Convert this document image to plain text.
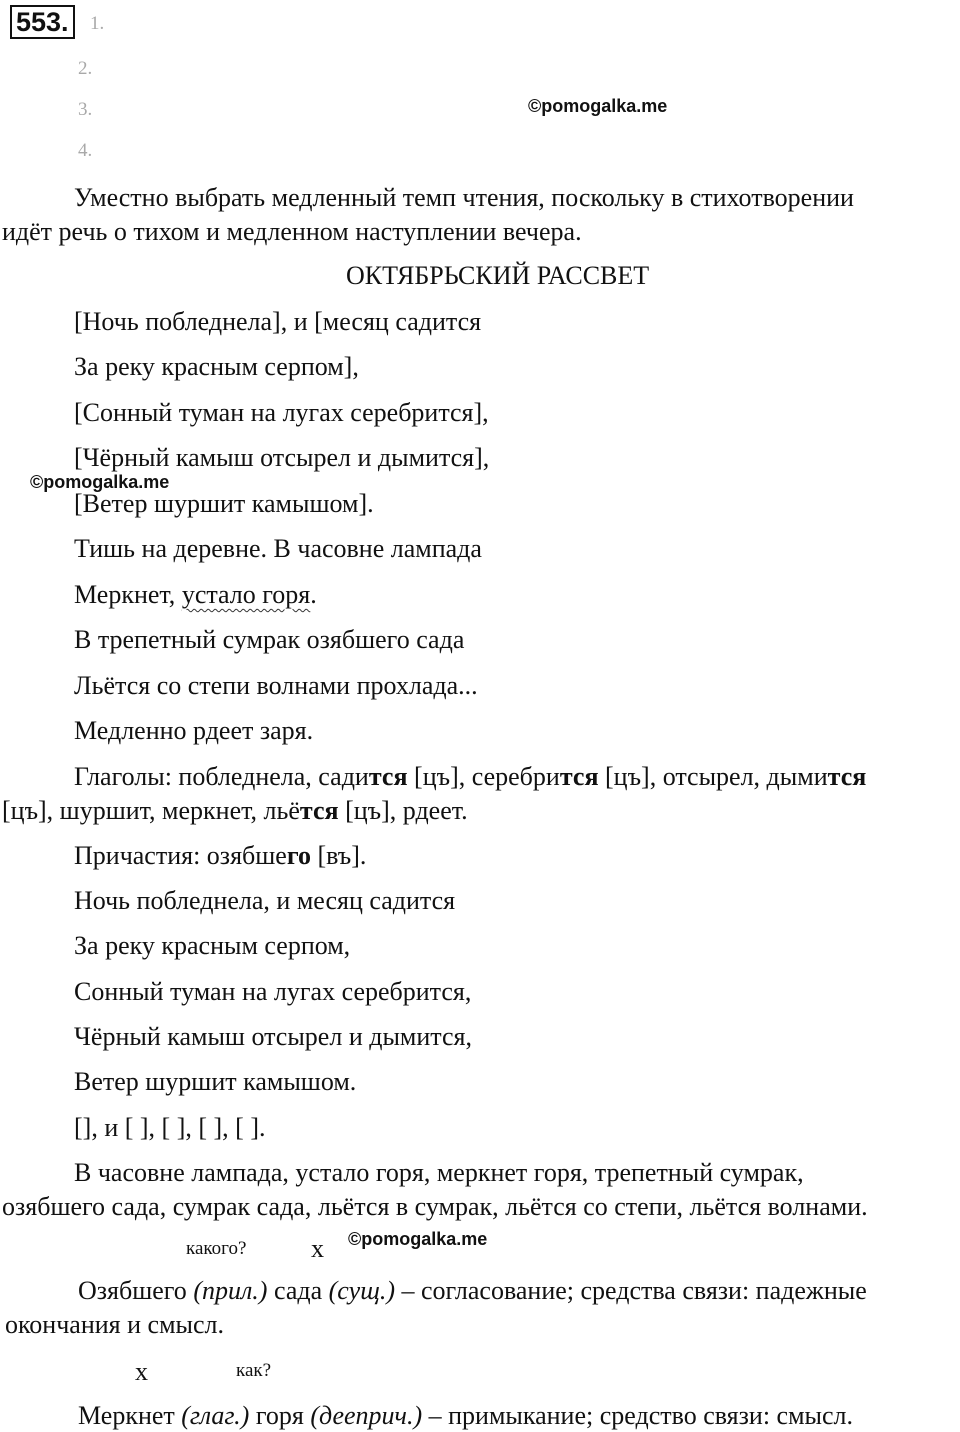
553.	1.
2.
3.
4.
©pomogalka.me
Уместно выбрать медленный темп чтения, поскольку в стихотворении
идёт речь о тихом и медленном наступлении вечера.
ОКТЯБРЬСКИЙ РАССВЕТ
[Ночь побледнела], и [месяц садится
За реку красным серпом],
[Сонный туман на лугах серебрится],
[Чёрный камыш отсырел и дымится],
©pomogalka.me
[Ветер шуршит камышом].
Тишь на деревне. В часовне лампада
Меркнет, устало горя.
В трепетный сумрак озябшего сада
Льётся со степи волнами прохлада...
Медленно рдеет заря.
Глаголы: побледнела, садится [цъ], серебрится [цъ], отсырел, дымится
[цъ], шуршит, меркнет, льётся [цъ], рдеет.
Причастия: озябшего [въ].
Ночь побледнела, и месяц садится
За реку красным серпом,
Сонный туман на лугах серебрится,
Чёрный камыш отсырел и дымится,
Ветер шуршит камышом.
[], и [ ], [ ], [ ], [ ].
В часовне лампада, устало горя, меркнет горя, трепетный сумрак,
озябшего сада, сумрак сада, льётся в сумрак, льётся со степи, льётся волнами.
какого? x ©pomogalka.me
Озябшего (прил.) сада (сущ.) – согласование; средства связи: падежные
окончания и смысл.
x	как?
Меркнет (глаг.) горя (дееприч.) – примыкание; средство связи: смысл.
